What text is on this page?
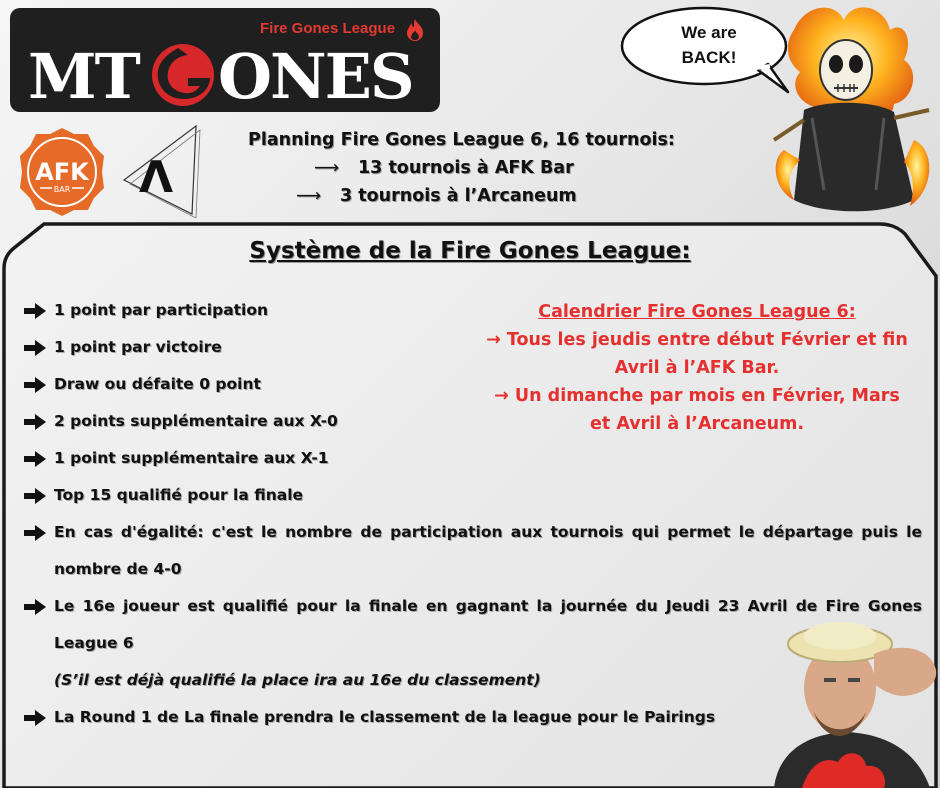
Fire Gones League
MT ONES
AFK
BAR Λ
Planning Fire Gones League 6, 16 tournois:
⟶ 13 tournois à AFK Bar
⟶ 3 tournois à l’Arcaneum
We are
BACK!
Système de la Fire Gones League:
1 point par participation
1 point par victoire
Draw ou défaite 0 point
2 points supplémentaire aux X-0
1 point supplémentaire aux X-1
Top 15 qualifié pour la finale
En cas d'égalité: c'est le nombre de participation aux tournois qui permet le départage puis le nombre de 4-0
Le 16e joueur est qualifié pour la finale en gagnant la journée du Jeudi 23 Avril de Fire Gones League 6
(S’il est déjà qualifié la place ira au 16e du classement)
La Round 1 de La finale prendra le classement de la league pour le Pairings
Calendrier Fire Gones League 6:
→ Tous les jeudis entre début Février et fin
Avril à l’AFK Bar.
→ Un dimanche par mois en Février, Mars
et Avril à l’Arcaneum.
